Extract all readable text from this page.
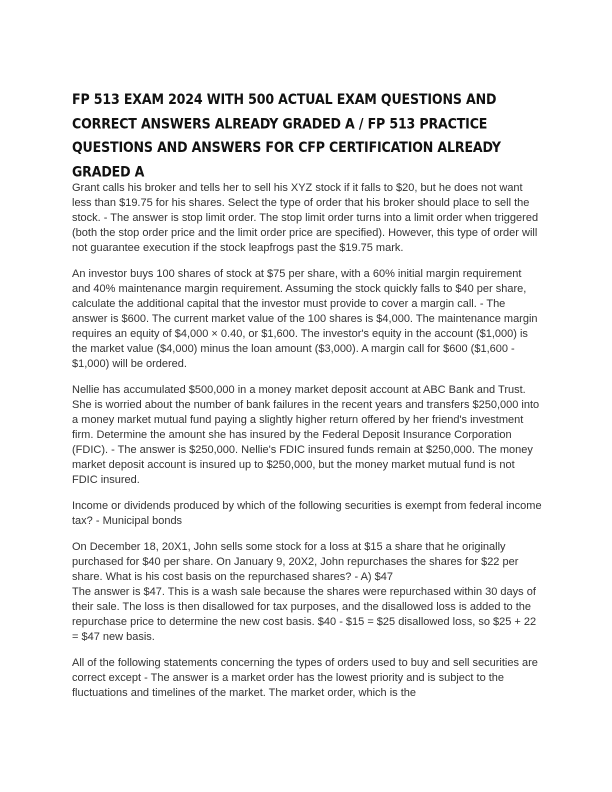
FP 513 EXAM 2024 WITH 500 ACTUAL EXAM QUESTIONS AND CORRECT ANSWERS ALREADY GRADED A / FP 513 PRACTICE QUESTIONS AND ANSWERS FOR CFP CERTIFICATION ALREADY GRADED A

Grant calls his broker and tells her to sell his XYZ stock if it falls to $20, but he does not want less than $19.75 for his shares. Select the type of order that his broker should place to sell the stock. - The answer is stop limit order. The stop limit order turns into a limit order when triggered (both the stop order price and the limit order price are specified). However, this type of order will not guarantee execution if the stock leapfrogs past the $19.75 mark.

An investor buys 100 shares of stock at $75 per share, with a 60% initial margin requirement and 40% maintenance margin requirement. Assuming the stock quickly falls to $40 per share, calculate the additional capital that the investor must provide to cover a margin call. - The answer is $600. The current market value of the 100 shares is $4,000. The maintenance margin requires an equity of $4,000 × 0.40, or $1,600. The investor's equity in the account ($1,000) is the market value ($4,000) minus the loan amount ($3,000). A margin call for $600 ($1,600 - $1,000) will be ordered.

Nellie has accumulated $500,000 in a money market deposit account at ABC Bank and Trust. She is worried about the number of bank failures in the recent years and transfers $250,000 into a money market mutual fund paying a slightly higher return offered by her friend's investment firm. Determine the amount she has insured by the Federal Deposit Insurance Corporation (FDIC). - The answer is $250,000. Nellie's FDIC insured funds remain at $250,000. The money market deposit account is insured up to $250,000, but the money market mutual fund is not FDIC insured.

Income or dividends produced by which of the following securities is exempt from federal income tax? - Municipal bonds

On December 18, 20X1, John sells some stock for a loss at $15 a share that he originally purchased for $40 per share. On January 9, 20X2, John repurchases the shares for $22 per share. What is his cost basis on the repurchased shares? - A) $47

The answer is $47. This is a wash sale because the shares were repurchased within 30 days of their sale. The loss is then disallowed for tax purposes, and the disallowed loss is added to the repurchase price to determine the new cost basis. $40 - $15 = $25 disallowed loss, so $25 + 22 = $47 new basis.

All of the following statements concerning the types of orders used to buy and sell securities are correct except - The answer is a market order has the lowest priority and is subject to the fluctuations and timelines of the market. The market order, which is the
